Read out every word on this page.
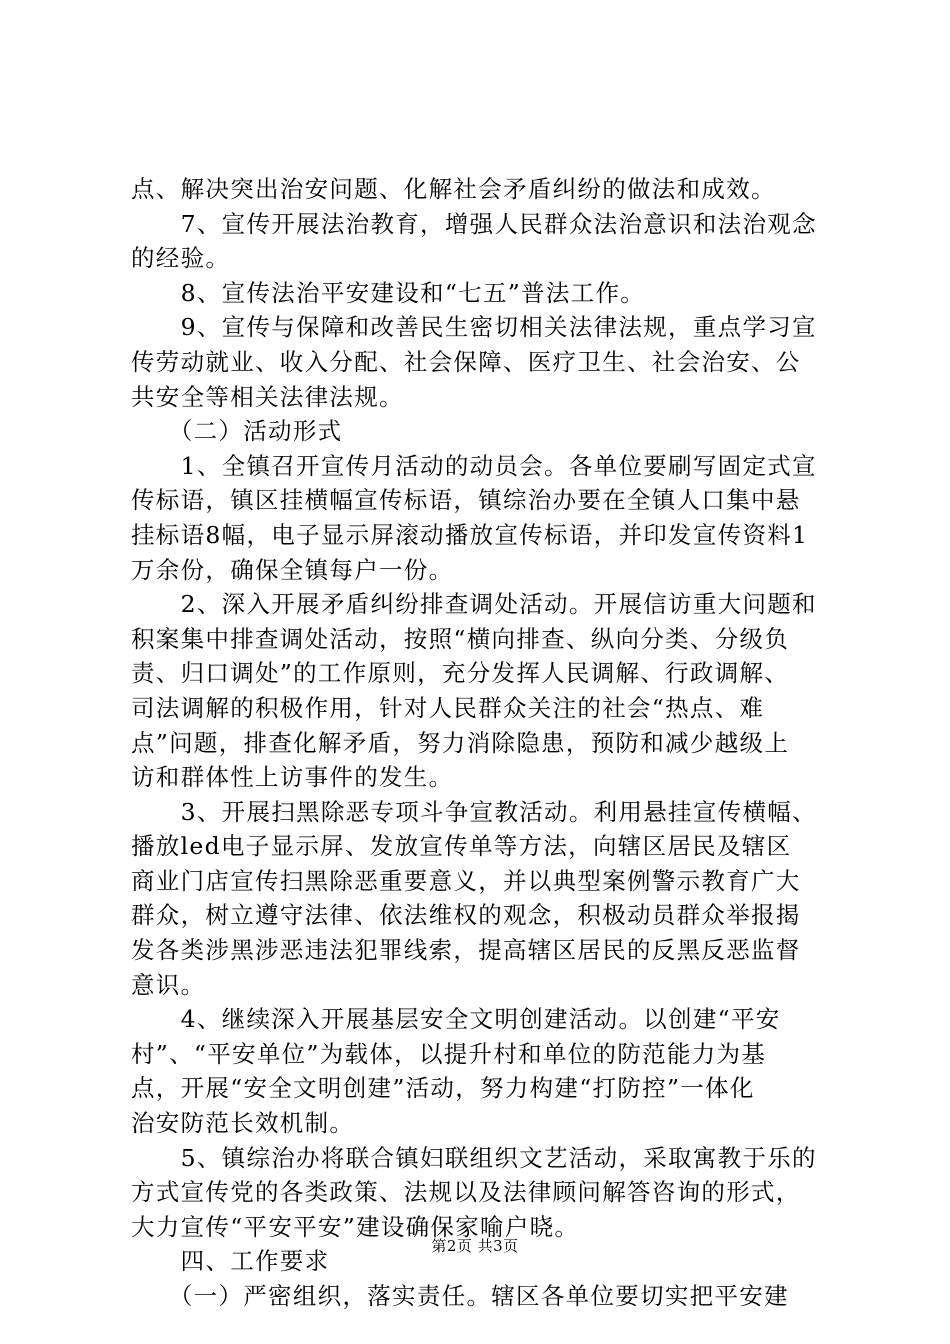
点、解决突出治安问题、化解社会矛盾纠纷的做法和成效。
　　7、宣传开展法治教育，增强人民群众法治意识和法治观念
的经验。
　　8、宣传法治平安建设和“七五”普法工作。
　　9、宣传与保障和改善民生密切相关法律法规，重点学习宣
传劳动就业、收入分配、社会保障、医疗卫生、社会治安、公
共安全等相关法律法规。
　　（二）活动形式
　　1、全镇召开宣传月活动的动员会。各单位要刷写固定式宣
传标语，镇区挂横幅宣传标语，镇综治办要在全镇人口集中悬
挂标语8幅，电子显示屏滚动播放宣传标语，并印发宣传资料1
万余份，确保全镇每户一份。
　　2、深入开展矛盾纠纷排查调处活动。开展信访重大问题和
积案集中排查调处活动，按照“横向排查、纵向分类、分级负
责、归口调处”的工作原则，充分发挥人民调解、行政调解、
司法调解的积极作用，针对人民群众关注的社会“热点、难
点”问题，排查化解矛盾，努力消除隐患，预防和减少越级上
访和群体性上访事件的发生。
　　3、开展扫黑除恶专项斗争宣教活动。利用悬挂宣传横幅、
播放led电子显示屏、发放宣传单等方法，向辖区居民及辖区
商业门店宣传扫黑除恶重要意义，并以典型案例警示教育广大
群众，树立遵守法律、依法维权的观念，积极动员群众举报揭
发各类涉黑涉恶违法犯罪线索，提高辖区居民的反黑反恶监督
意识。
　　4、继续深入开展基层安全文明创建活动。以创建“平安
村”、“平安单位”为载体，以提升村和单位的防范能力为基
点，开展“安全文明创建”活动，努力构建“打防控”一体化
治安防范长效机制。
　　5、镇综治办将联合镇妇联组织文艺活动，采取寓教于乐的
方式宣传党的各类政策、法规以及法律顾问解答咨询的形式，
大力宣传“平安平安”建设确保家喻户晓。
　　四、工作要求
　　（一）严密组织，落实责任。辖区各单位要切实把平安建
第2页 共3页
